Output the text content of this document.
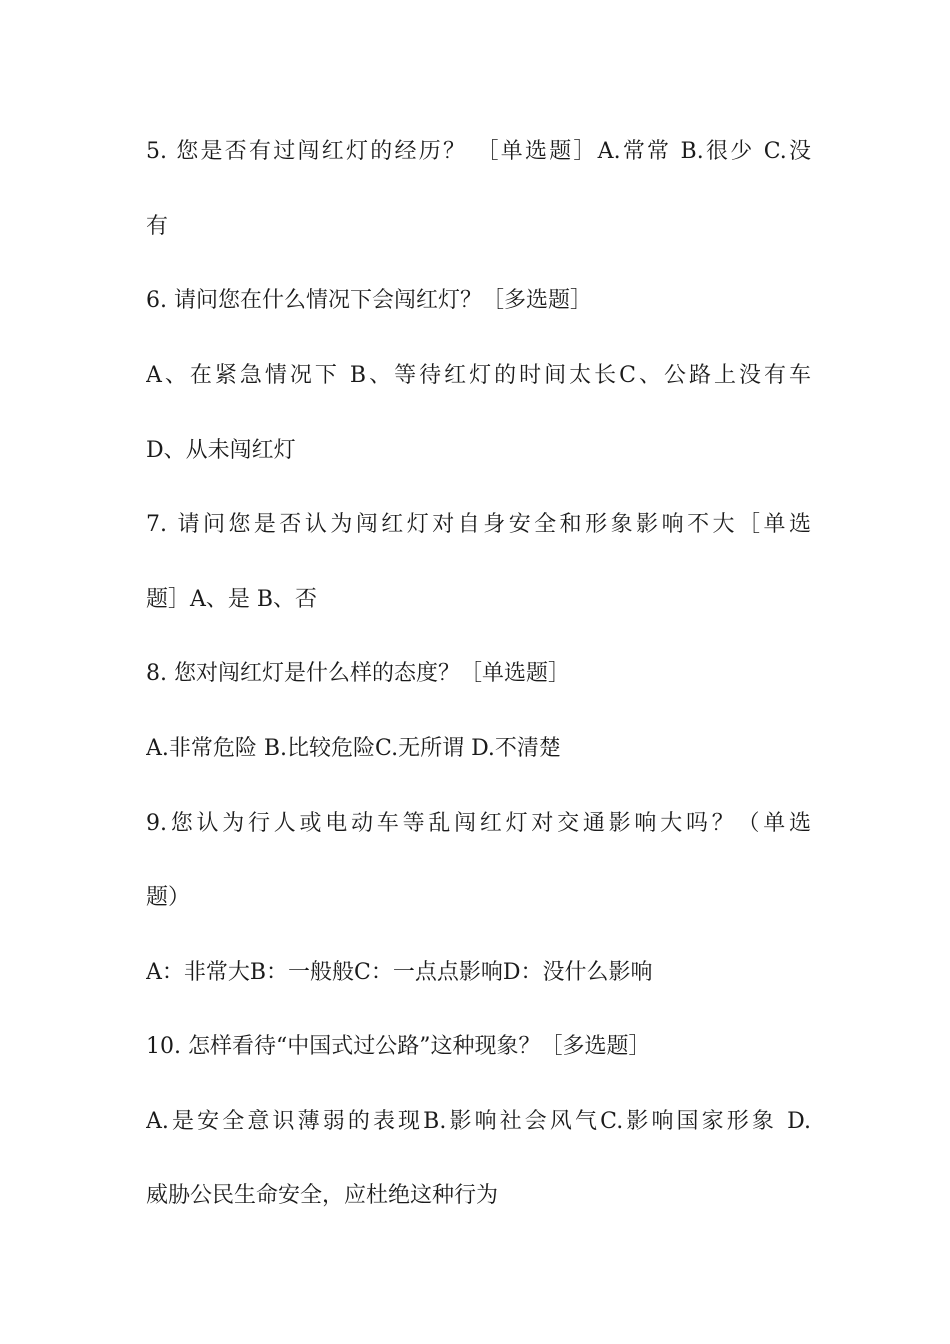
5. 您是否有过闯红灯的经历？ ［单选题］A.常常 B.很少 C.没
有
6. 请问您在什么情况下会闯红灯？［多选题］
A、在紧急情况下 B、等待红灯的时间太长C、公路上没有车
D、从未闯红灯
7. 请问您是否认为闯红灯对自身安全和形象影响不大［单选
题］A、是 B、否
8. 您对闯红灯是什么样的态度？［单选题］
A.非常危险 B.比较危险C.无所谓 D.不清楚
9.您认为行人或电动车等乱闯红灯对交通影响大吗？（单选
题）
A：非常大B：一般般C：一点点影响D：没什么影响
10. 怎样看待“中国式过公路”这种现象？［多选题］
A.是安全意识薄弱的表现B.影响社会风气C.影响国家形象 D.
威胁公民生命安全，应杜绝这种行为
